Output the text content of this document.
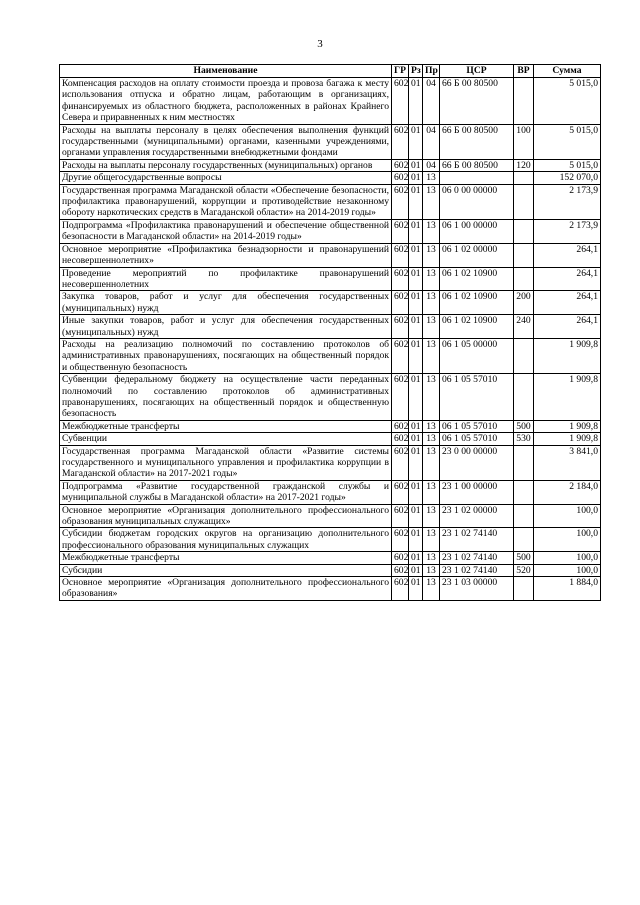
3
Наименование	ГР	Рз	Пр	ЦСР	ВР	Сумма
Компенсация расходов на оплату стоимости проезда и провоза багажа к месту использования отпуска и обратно лицам, работающим в организациях, финансируемых из областного бюджета, расположенных в районах Крайнего Севера и приравненных к ним местностях	602	01	04	66 Б 00 80500		5 015,0
Расходы на выплаты персоналу в целях обеспечения выполнения функций государственными (муниципальными) органами, казенными учреждениями, органами управления государственными внебюджетными фондами	602	01	04	66 Б 00 80500	100	5 015,0
Расходы на выплаты персоналу государственных (муниципальных) органов	602	01	04	66 Б 00 80500	120	5 015,0
Другие общегосударственные вопросы	602	01	13			152 070,0
Государственная программа Магаданской области «Обеспечение безопасности, профилактика правонарушений, коррупции и противодействие незаконному обороту наркотических средств в Магаданской области» на 2014-2019 годы»	602	01	13	06 0 00 00000		2 173,9
Подпрограмма «Профилактика правонарушений и обеспечение общественной безопасности в Магаданской области» на 2014-2019 годы»	602	01	13	06 1 00 00000		2 173,9
Основное мероприятие «Профилактика безнадзорности и правонарушений несовершеннолетних»	602	01	13	06 1 02 00000		264,1
Проведение мероприятий по профилактике правонарушений несовершеннолетних	602	01	13	06 1 02 10900		264,1
Закупка товаров, работ и услуг для обеспечения государственных (муниципальных) нужд	602	01	13	06 1 02 10900	200	264,1
Иные закупки товаров, работ и услуг для обеспечения государственных (муниципальных) нужд	602	01	13	06 1 02 10900	240	264,1
Расходы на реализацию полномочий по составлению протоколов об административных правонарушениях, посягающих на общественный порядок и общественную безопасность	602	01	13	06 1 05 00000		1 909,8
Субвенции федеральному бюджету на осуществление части переданных полномочий по составлению протоколов об административных правонарушениях, посягающих на общественный порядок и общественную безопасность	602	01	13	06 1 05 57010		1 909,8
Межбюджетные трансферты	602	01	13	06 1 05 57010	500	1 909,8
Субвенции	602	01	13	06 1 05 57010	530	1 909,8
Государственная программа Магаданской области «Развитие системы государственного и муниципального управления и профилактика коррупции в Магаданской области» на 2017-2021 годы»	602	01	13	23 0 00 00000		3 841,0
Подпрограмма «Развитие государственной гражданской службы и муниципальной службы в Магаданской области» на 2017-2021 годы»	602	01	13	23 1 00 00000		2 184,0
Основное мероприятие «Организация дополнительного профессионального образования муниципальных служащих»	602	01	13	23 1 02 00000		100,0
Субсидии бюджетам городских округов на организацию дополнительного профессионального образования муниципальных служащих	602	01	13	23 1 02 74140		100,0
Межбюджетные трансферты	602	01	13	23 1 02 74140	500	100,0
Субсидии	602	01	13	23 1 02 74140	520	100,0
Основное мероприятие «Организация дополнительного профессионального образования»	602	01	13	23 1 03 00000		1 884,0
